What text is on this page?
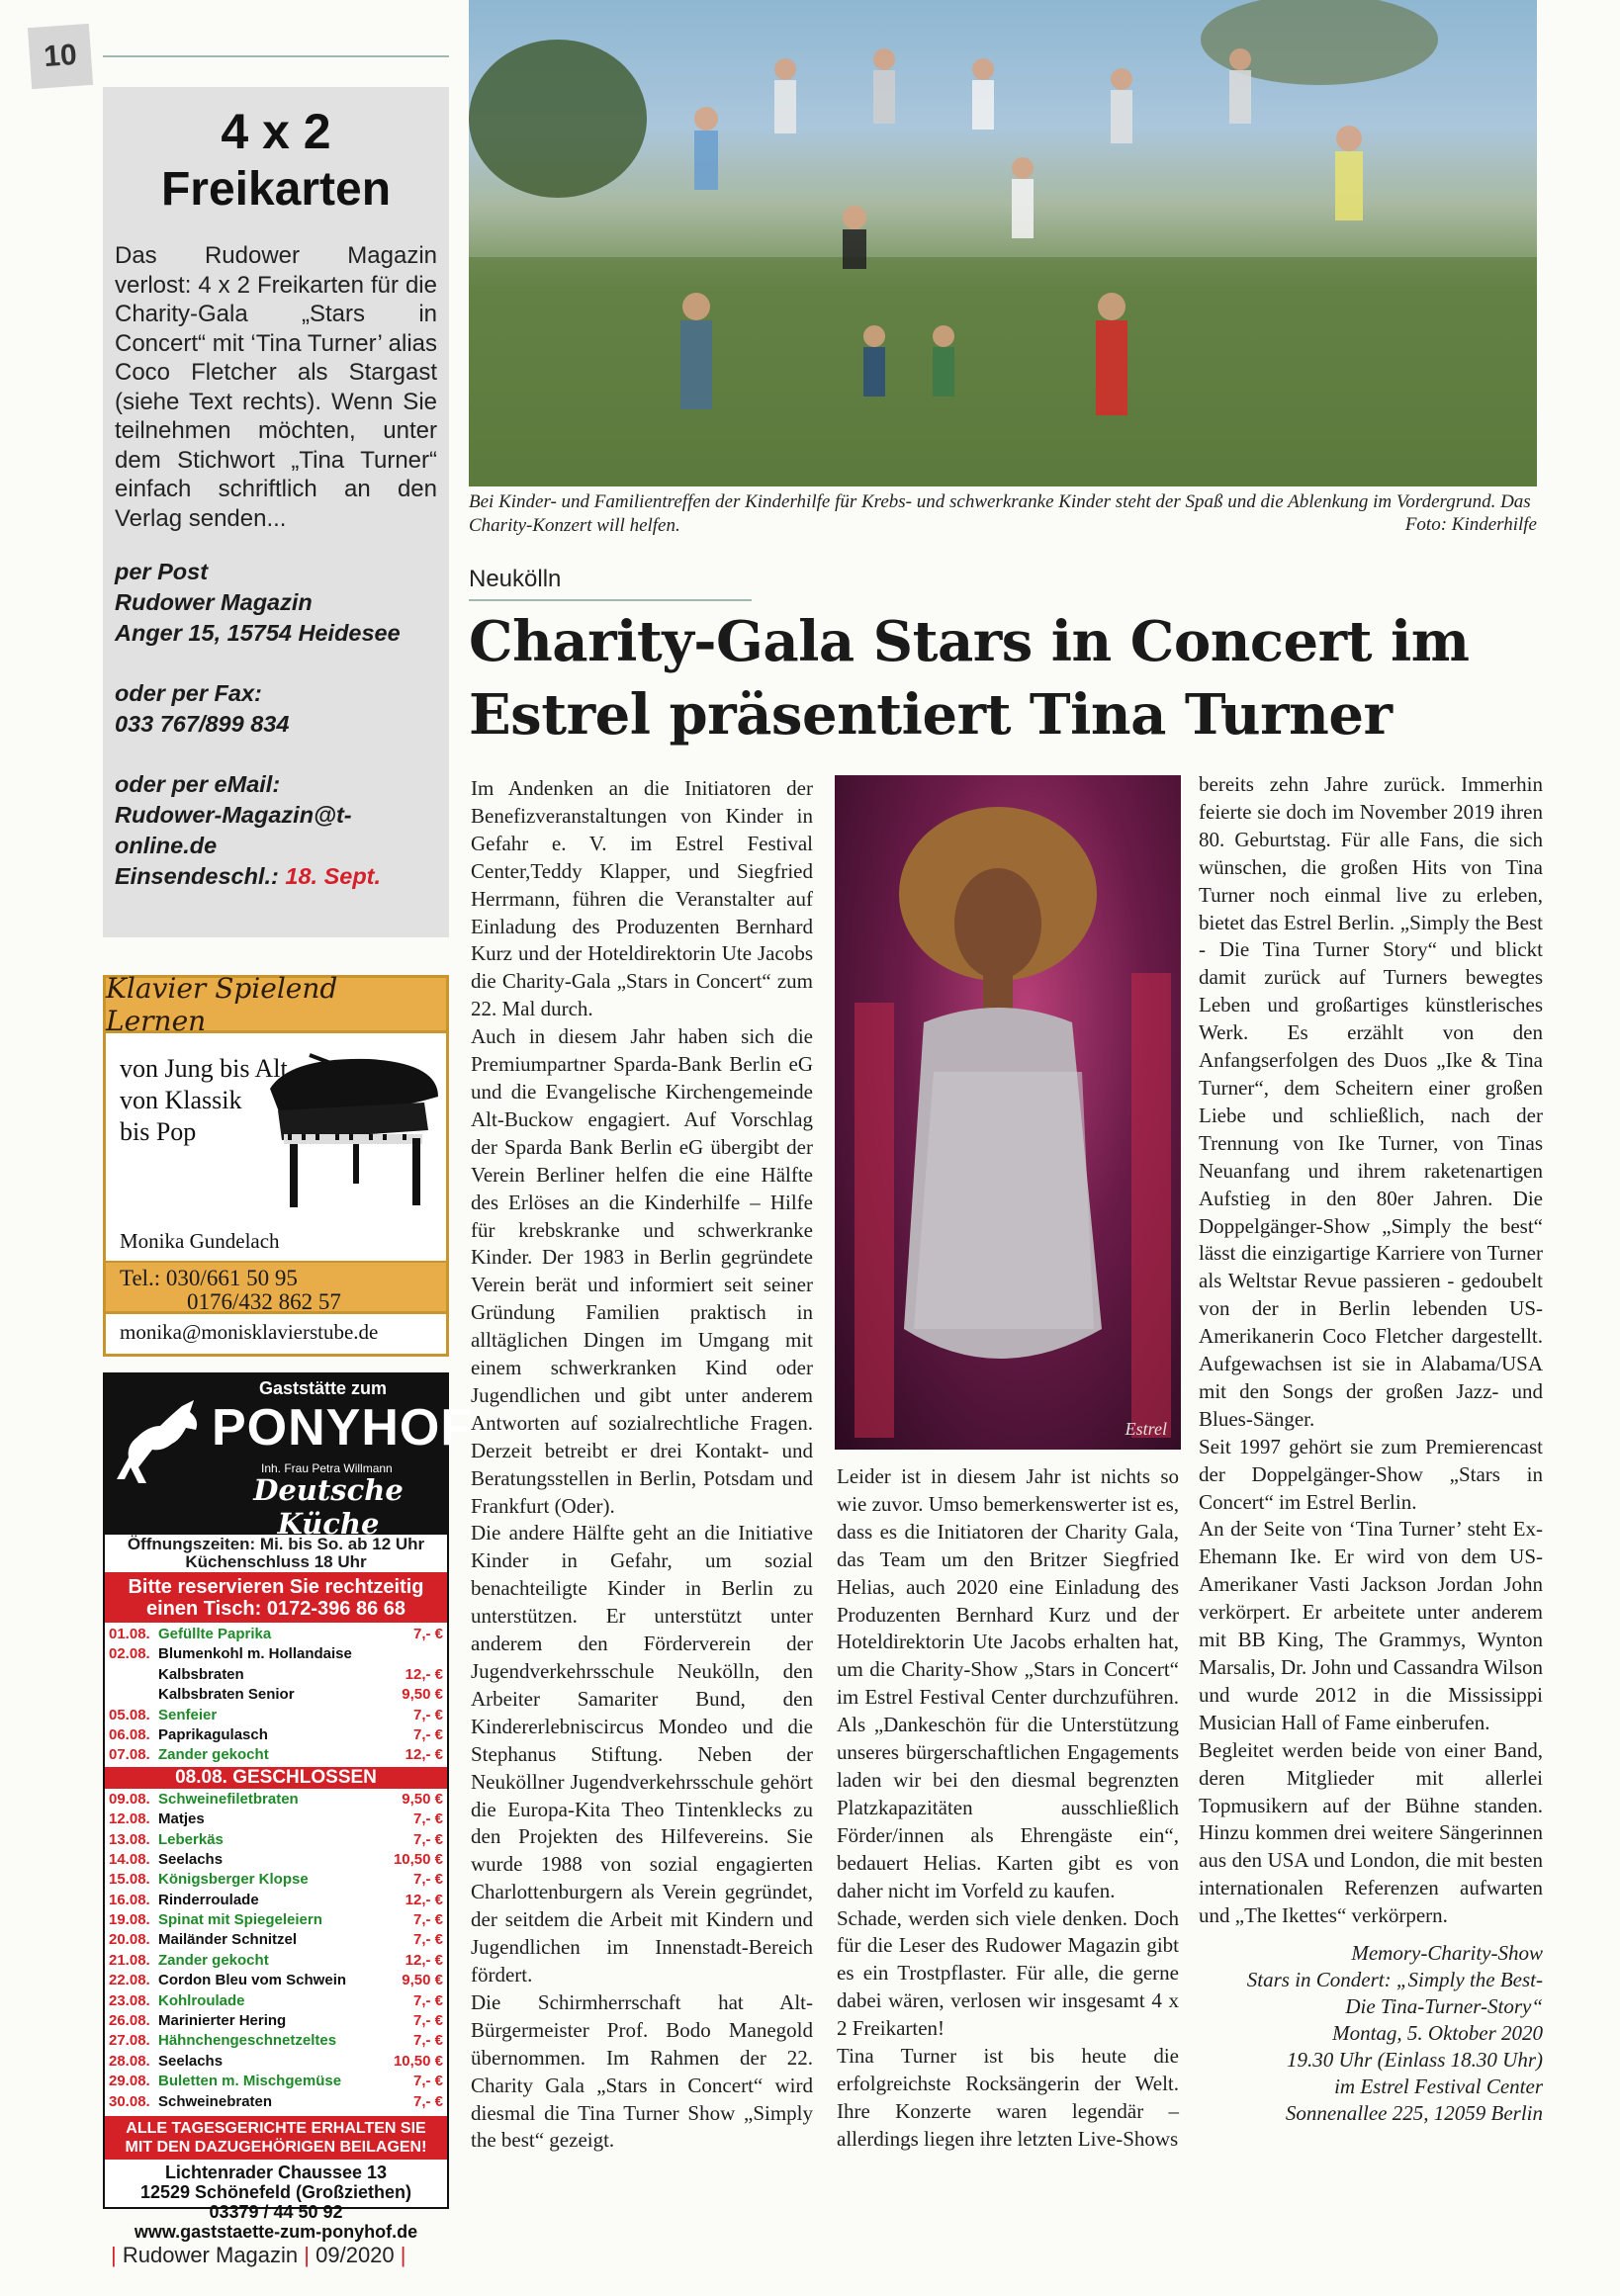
10
4 x 2
Freikarten

Das Rudower Magazin verlost: 4 x 2 Freikarten für die Charity-Gala „Stars in Concert“ mit ‘Tina Turner’ alias Coco Fletcher als Stargast (siehe Text rechts). Wenn Sie teilnehmen möchten, unter dem Stichwort „Tina Turner“ einfach schriftlich an den Verlag senden...

per Post
Rudower Magazin
Anger 15, 15754 Heidesee
oder per Fax:
033 767/899 834
oder per eMail:
Rudower-Magazin@t-online.de
Einsendeschl.: 18. Sept.
Klavier Spielend Lernen
von Jung bis Alt
von Klassik
bis Pop
Monika Gundelach
Tel.: 030/661 50 95
0176/432 862 57
monika@monisklavierstube.de
Gaststätte zum
PONYHOF
Inh. Frau Petra Willmann
Deutsche Küche
Öffnungszeiten: Mi. bis So. ab 12 Uhr
Küchenschluss 18 Uhr
Bitte reservieren Sie rechtzeitig
einen Tisch: 0172-396 86 68
01.08. Gefüllte Paprika	7,- €
02.08. Blumenkohl m. Hollandaise
Kalbsbraten	12,- €
Kalbsbraten Senior	9,50 €
05.08. Senfeier	7,- €
06.08. Paprikagulasch	7,- €
07.08. Zander gekocht	12,- €
08.08. GESCHLOSSEN
09.08. Schweinefiletbraten	9,50 €
12.08. Matjes	7,- €
13.08. Leberkäs	7,- €
14.08. Seelachs	10,50 €
15.08. Königsberger Klopse	7,- €
16.08. Rinderroulade	12,- €
19.08. Spinat mit Spiegeleiern	7,- €
20.08. Mailänder Schnitzel	7,- €
21.08. Zander gekocht	12,- €
22.08. Cordon Bleu vom Schwein	9,50 €
23.08. Kohlroulade	7,- €
26.08. Marinierter Hering	7,- €
27.08. Hähnchengeschnetzeltes	7,- €
28.08. Seelachs	10,50 €
29.08. Buletten m. Mischgemüse	7,- €
30.08. Schweinebraten	7,- €
ALLE TAGESGERICHTE ERHALTEN SIE
MIT DEN DAZUGEHÖRIGEN BEILAGEN!
Lichtenrader Chaussee 13
12529 Schönefeld (Großziethen)
03379 / 44 50 92
www.gaststaette-zum-ponyhof.de
Bei Kinder- und Familientreffen der Kinderhilfe für Krebs- und schwerkranke Kinder steht der Spaß und die Ablenkung im Vordergrund. Das Charity-Konzert will helfen.	Foto: Kinderhilfe
Neukölln
Charity-Gala Stars in Concert im Estrel präsentiert Tina Turner

Im Andenken an die Initiatoren der Benefizveranstaltungen von Kinder in Gefahr e. V. im Estrel Festival Center,Teddy Klapper, und Siegfried Herrmann, führen die Veranstalter auf Einladung des Produzenten Bernhard Kurz und der Hoteldirektorin Ute Jacobs die Charity-Gala „Stars in Concert“ zum 22. Mal durch.

Auch in diesem Jahr haben sich die Premiumpartner Sparda-Bank Berlin eG und die Evangelische Kirchengemeinde Alt-Buckow engagiert. Auf Vorschlag der Sparda Bank Berlin eG übergibt der Verein Berliner helfen die eine Hälfte des Erlöses an die Kinderhilfe – Hilfe für krebskranke und schwerkranke Kinder. Der 1983 in Berlin gegründete Verein berät und informiert seit seiner Gründung Familien praktisch in alltäglichen Dingen im Umgang mit einem schwerkranken Kind oder Jugendlichen und gibt unter anderem Antworten auf sozialrechtliche Fragen. Derzeit betreibt er drei Kontakt- und Beratungsstellen in Berlin, Potsdam und Frankfurt (Oder).

Die andere Hälfte geht an die Initiative Kinder in Gefahr, um sozial benachteiligte Kinder in Berlin zu unterstützen. Er unterstützt unter anderem den Förderverein der Jugendverkehrsschule Neukölln, den Arbeiter Samariter Bund, den Kindererlebniscircus Mondeo und die Stephanus Stiftung. Neben der Neuköllner Jugendverkehrsschule gehört die Europa-Kita Theo Tintenklecks zu den Projekten des Hilfevereins. Sie wurde 1988 von sozial engagierten Charlottenburgern als Verein gegründet, der seitdem die Arbeit mit Kindern und Jugendlichen im Innenstadt-Bereich fördert.

Die Schirmherrschaft hat Alt-Bürgermeister Prof. Bodo Manegold übernommen. Im Rahmen der 22. Charity Gala „Stars in Concert“ wird diesmal die Tina Turner Show „Simply the best“ gezeigt.

Estrel

Leider ist in diesem Jahr ist nichts so wie zuvor. Umso bemerkenswerter ist es, dass es die Initiatoren der Charity Gala, das Team um den Britzer Siegfried Helias, auch 2020 eine Einladung des Produzenten Bernhard Kurz und der Hoteldirektorin Ute Jacobs erhalten hat, um die Charity-Show „Stars in Concert“ im Estrel Festival Center durchzuführen. Als „Dankeschön für die Unterstützung unseres bürgerschaftlichen Engagements laden wir bei den diesmal begrenzten Platzkapazitäten ausschließlich Förder/innen als Ehrengäste ein“, bedauert Helias. Karten gibt es von daher nicht im Vorfeld zu kaufen.

Schade, werden sich viele denken. Doch für die Leser des Rudower Magazin gibt es ein Trostpflaster. Für alle, die gerne dabei wären, verlosen wir insgesamt 4 x 2 Freikarten!

Tina Turner ist bis heute die erfolgreichste Rocksängerin der Welt. Ihre Konzerte waren legendär – allerdings liegen ihre letzten Live-Shows

bereits zehn Jahre zurück. Immerhin feierte sie doch im November 2019 ihren 80. Geburtstag. Für alle Fans, die sich wünschen, die großen Hits von Tina Turner noch einmal live zu erleben, bietet das Estrel Berlin. „Simply the Best - Die Tina Turner Story“ und blickt damit zurück auf Turners bewegtes Leben und großartiges künstlerisches Werk. Es erzählt von den Anfangserfolgen des Duos „Ike & Tina Turner“, dem Scheitern einer großen Liebe und schließlich, nach der Trennung von Ike Turner, von Tinas Neuanfang und ihrem raketenartigen Aufstieg in den 80er Jahren. Die Doppelgänger-Show „Simply the best“ lässt die einzigartige Karriere von Turner als Weltstar Revue passieren - gedoubelt von der in Berlin lebenden US-Amerikanerin Coco Fletcher dargestellt. Aufgewachsen ist sie in Alabama/USA mit den Songs der großen Jazz- und Blues-Sänger.

Seit 1997 gehört sie zum Premierencast der Doppelgänger-Show „Stars in Concert“ im Estrel Berlin.

An der Seite von ‘Tina Turner’ steht Ex-Ehemann Ike. Er wird von dem US-Amerikaner Vasti Jackson Jordan John verkörpert. Er arbeitete unter anderem mit BB King, The Grammys, Wynton Marsalis, Dr. John und Cassandra Wilson und wurde 2012 in die Mississippi Musician Hall of Fame einberufen.

Begleitet werden beide von einer Band, deren Mitglieder mit allerlei Topmusikern auf der Bühne standen. Hinzu kommen drei weitere Sängerinnen aus den USA und London, die mit besten internationalen Referenzen aufwarten und „The Ikettes“ verkörpern.

Memory-Charity-Show
Stars in Condert: „Simply the Best-
Die Tina-Turner-Story“
Montag, 5. Oktober 2020
19.30 Uhr (Einlass 18.30 Uhr)
im Estrel Festival Center
Sonnenallee 225, 12059 Berlin
| Rudower Magazin | 09/2020 |
